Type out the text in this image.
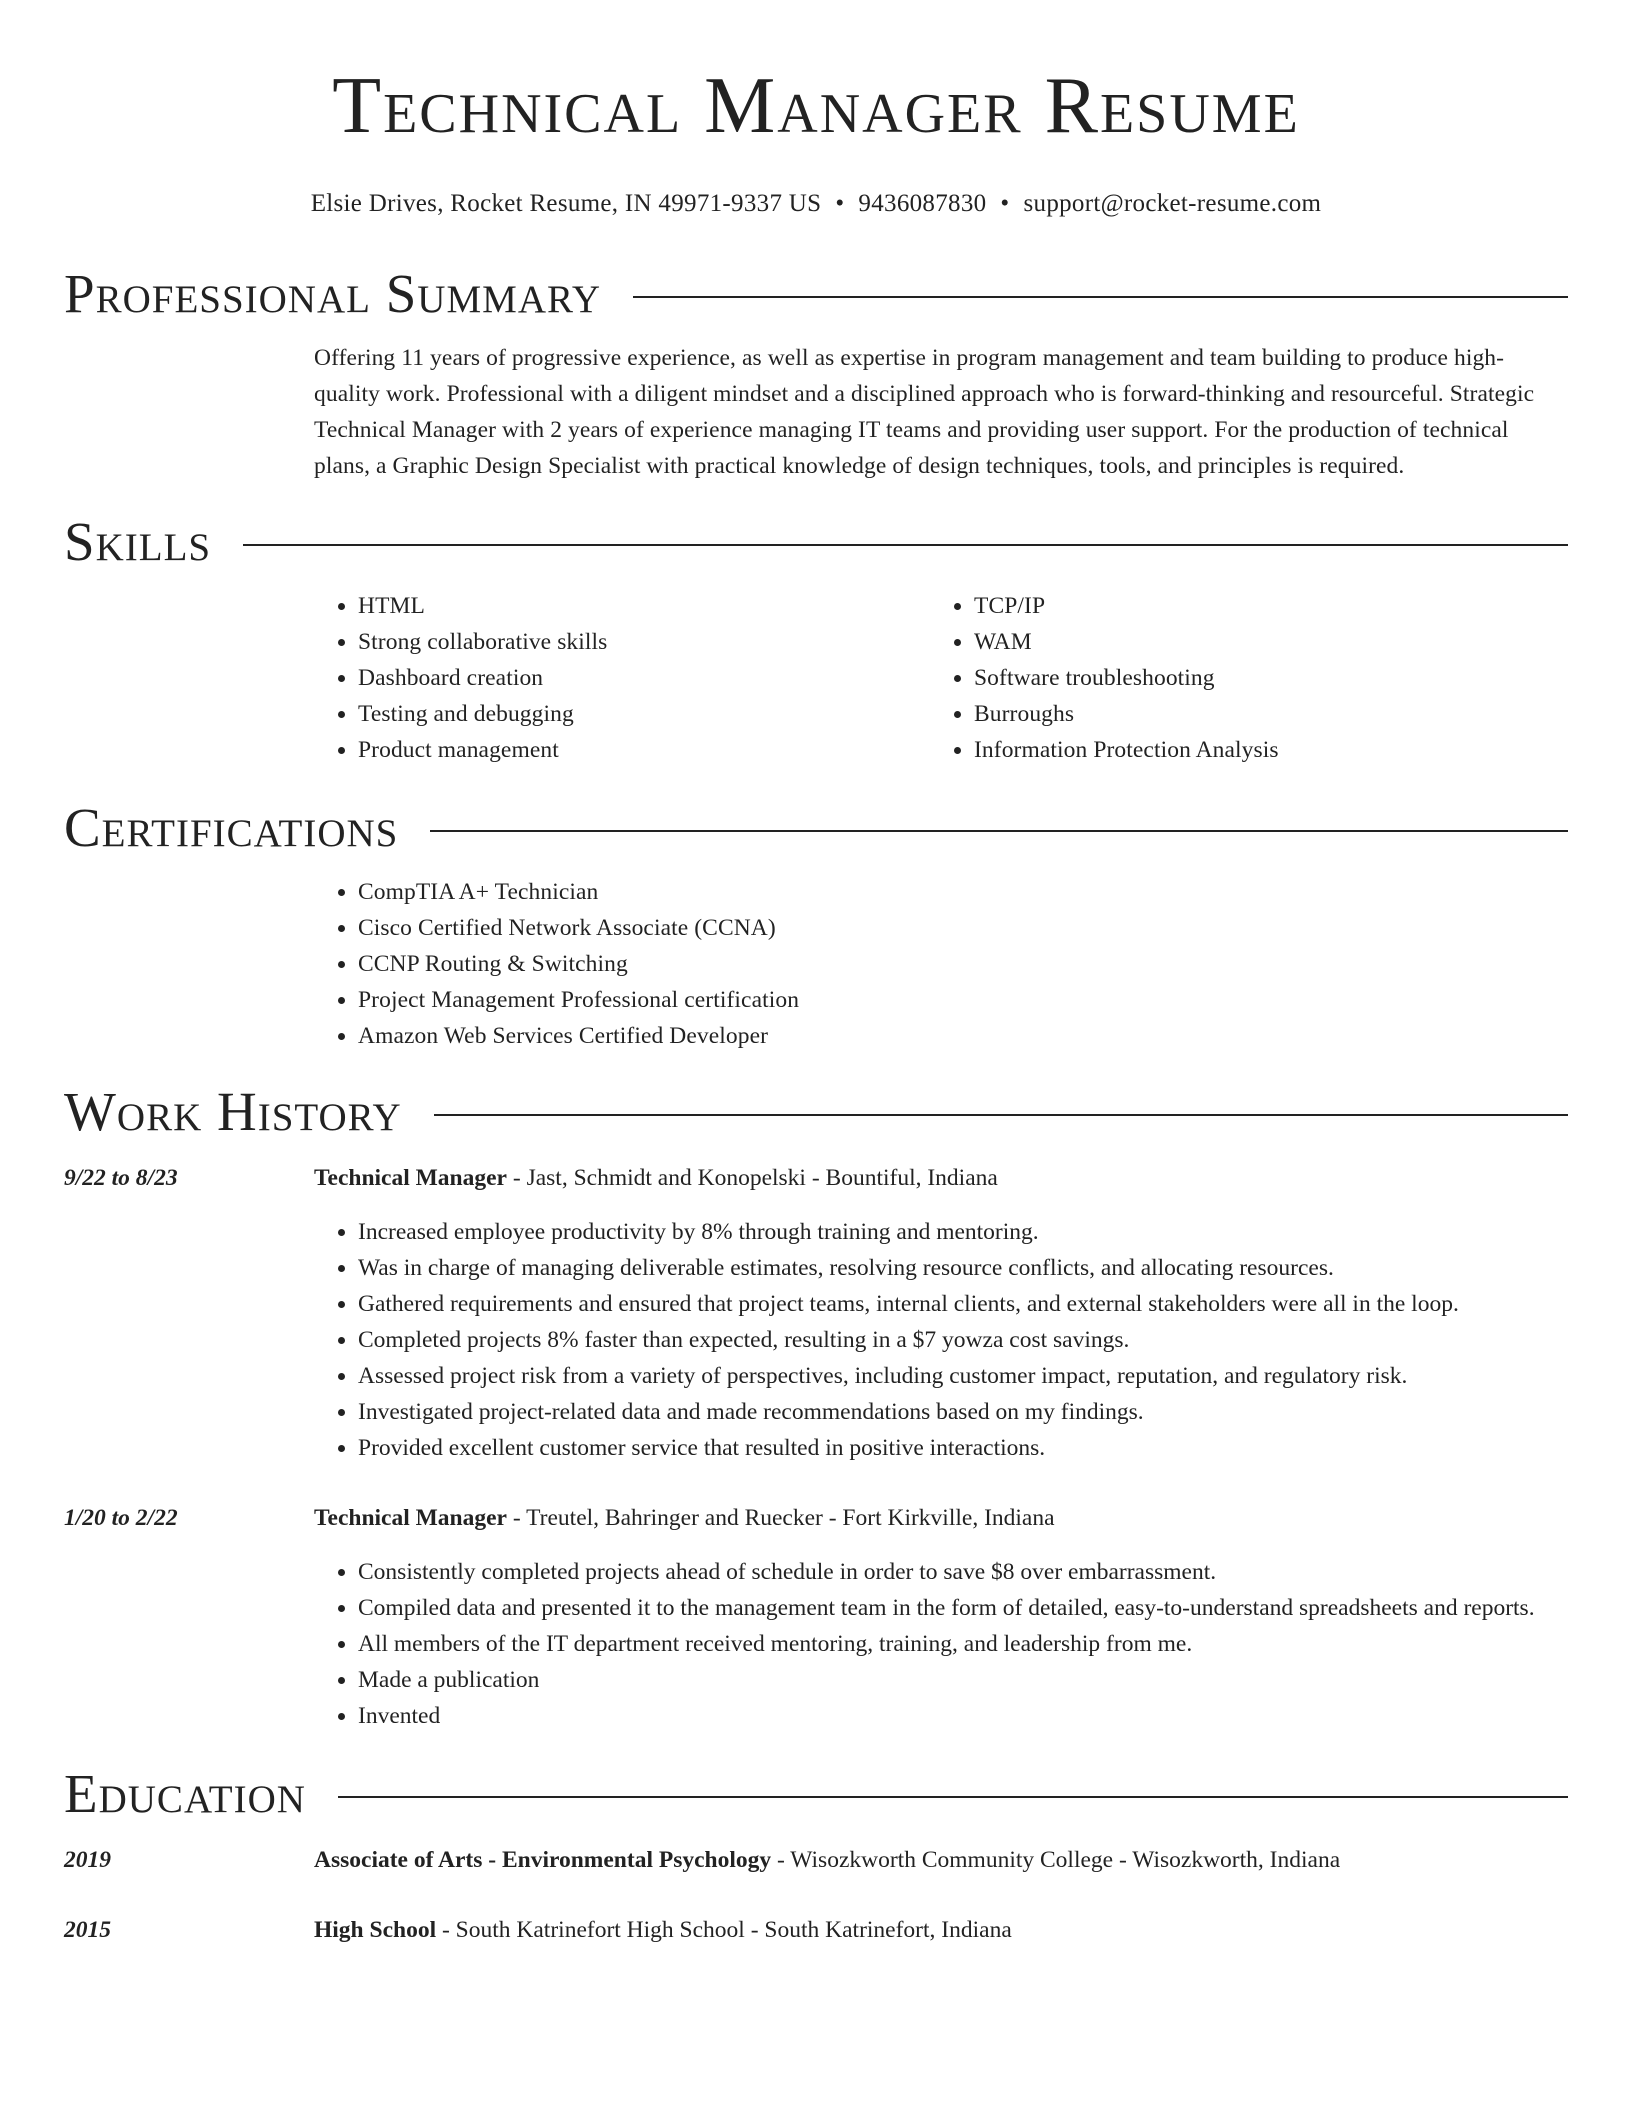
Technical Manager Resume
Elsie Drives, Rocket Resume, IN 49971-9337 US • 9436087830 • support@rocket-resume.com
Professional Summary

Offering 11 years of progressive experience, as well as expertise in program management and team building to produce high-quality work. Professional with a diligent mindset and a disciplined approach who is forward-thinking and resourceful. Strategic Technical Manager with 2 years of experience managing IT teams and providing user support. For the production of technical plans, a Graphic Design Specialist with practical knowledge of design techniques, tools, and principles is required.

Skills
• HTML
• Strong collaborative skills
• Dashboard creation
• Testing and debugging
• Product management
• TCP/IP
• WAM
• Software troubleshooting
• Burroughs
• Information Protection Analysis
Certifications
• CompTIA A+ Technician
• Cisco Certified Network Associate (CCNA)
• CCNP Routing & Switching
• Project Management Professional certification
• Amazon Web Services Certified Developer
Work History
9/22 to 8/23	Technical Manager - Jast, Schmidt and Konopelski - Bountiful, Indiana
• Increased employee productivity by 8% through training and mentoring.
• Was in charge of managing deliverable estimates, resolving resource conflicts, and allocating resources.
• Gathered requirements and ensured that project teams, internal clients, and external stakeholders were all in the loop.
• Completed projects 8% faster than expected, resulting in a $7 yowza cost savings.
• Assessed project risk from a variety of perspectives, including customer impact, reputation, and regulatory risk.
• Investigated project-related data and made recommendations based on my findings.
• Provided excellent customer service that resulted in positive interactions.
1/20 to 2/22	Technical Manager - Treutel, Bahringer and Ruecker - Fort Kirkville, Indiana
• Consistently completed projects ahead of schedule in order to save $8 over embarrassment.
• Compiled data and presented it to the management team in the form of detailed, easy-to-understand spreadsheets and reports.
• All members of the IT department received mentoring, training, and leadership from me.
• Made a publication
• Invented
Education
2019	Associate of Arts - Environmental Psychology - Wisozkworth Community College - Wisozkworth, Indiana
2015	High School - South Katrinefort High School - South Katrinefort, Indiana
